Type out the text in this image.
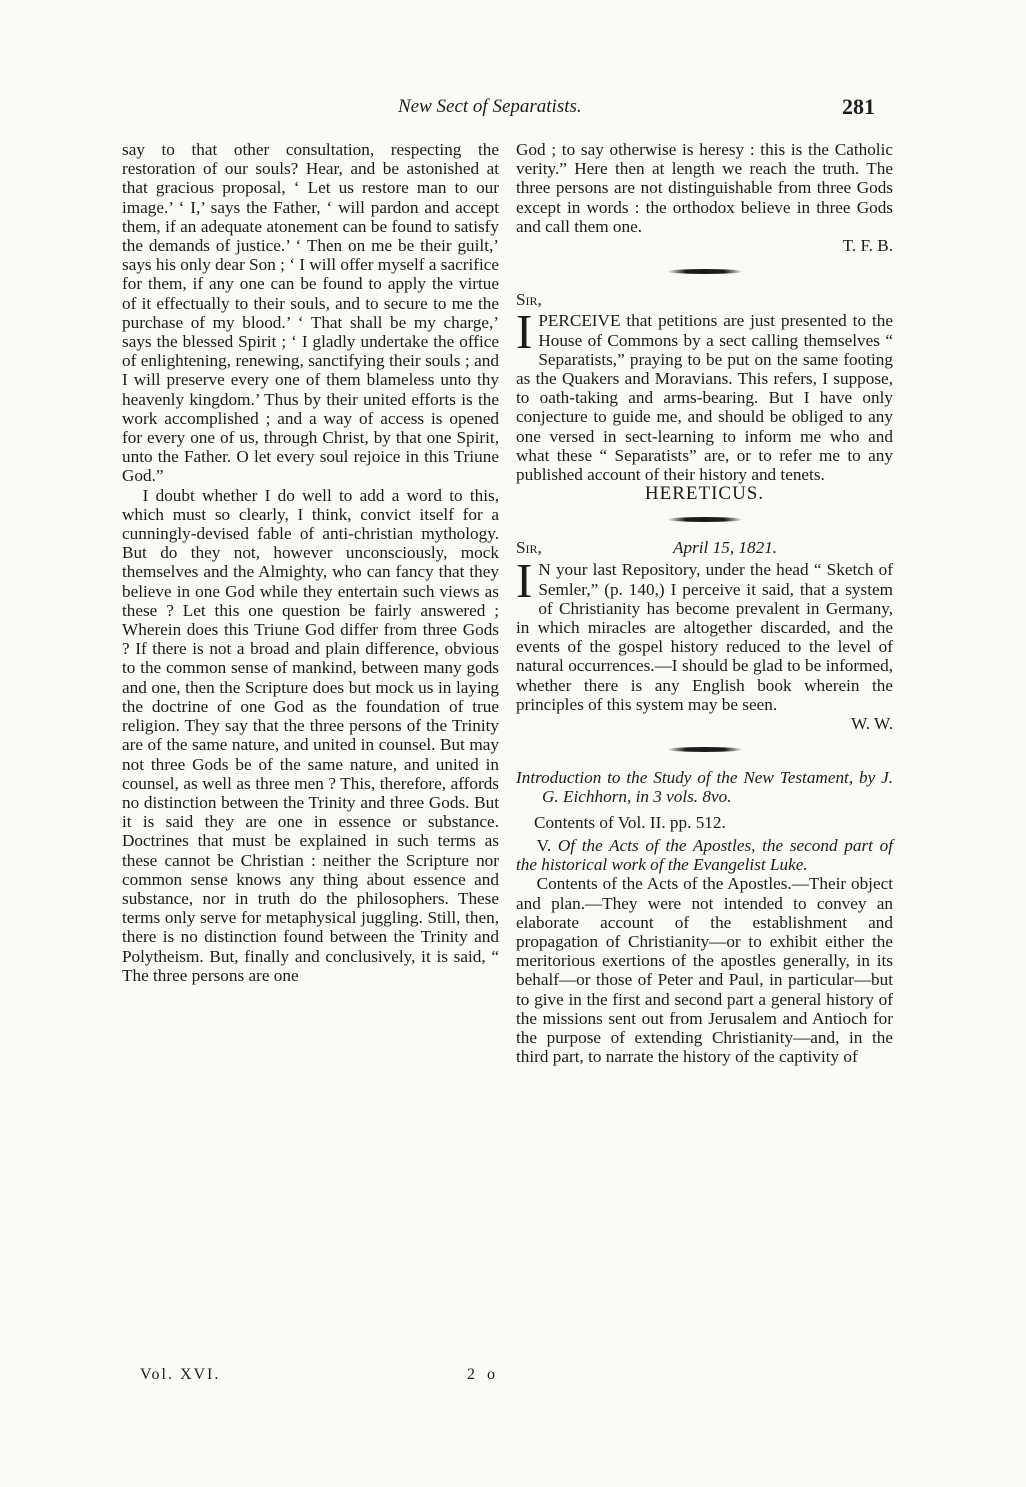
New Sect of Separatists.	281

say to that other consultation, respecting the restoration of our souls? Hear, and be astonished at that gracious proposal, ‘ Let us restore man to our image.’ ‘ I,’ says the Father, ‘ will pardon and accept them, if an adequate atonement can be found to satisfy the demands of justice.’ ‘ Then on me be their guilt,’ says his only dear Son ; ‘ I will offer myself a sacrifice for them, if any one can be found to apply the virtue of it effectually to their souls, and to secure to me the purchase of my blood.’ ‘ That shall be my charge,’ says the blessed Spirit ; ‘ I gladly undertake the office of enlightening, renewing, sanctifying their souls ; and I will preserve every one of them blameless unto thy heavenly kingdom.’ Thus by their united efforts is the work accomplished ; and a way of access is opened for every one of us, through Christ, by that one Spirit, unto the Father. O let every soul rejoice in this Triune God.”

I doubt whether I do well to add a word to this, which must so clearly, I think, convict itself for a cunningly-devised fable of anti-christian mythology. But do they not, however unconsciously, mock themselves and the Almighty, who can fancy that they believe in one God while they entertain such views as these ? Let this one question be fairly answered ; Wherein does this Triune God differ from three Gods ? If there is not a broad and plain difference, obvious to the common sense of mankind, between many gods and one, then the Scripture does but mock us in laying the doctrine of one God as the foundation of true religion. They say that the three persons of the Trinity are of the same nature, and united in counsel. But may not three Gods be of the same nature, and united in counsel, as well as three men ? This, therefore, affords no distinction between the Trinity and three Gods. But it is said they are one in essence or substance. Doctrines that must be explained in such terms as these cannot be Christian : neither the Scripture nor common sense knows any thing about essence and substance, nor in truth do the philosophers. These terms only serve for metaphysical juggling. Still, then, there is no distinction found between the Trinity and Polytheism. But, finally and conclusively, it is said, “ The three persons are one

God ; to say otherwise is heresy : this is the Catholic verity.” Here then at length we reach the truth. The three persons are not distinguishable from three Gods except in words : the orthodox believe in three Gods and call them one.

T. F. B.

Sir,

I PERCEIVE that petitions are just presented to the House of Commons by a sect calling themselves “ Separatists,” praying to be put on the same footing as the Quakers and Moravians. This refers, I suppose, to oath-taking and arms-bearing. But I have only conjecture to guide me, and should be obliged to any one versed in sect-learning to inform me who and what these “ Separatists” are, or to refer me to any published account of their history and tenets.

HERETICUS.

Sir,	April 15, 1821.
I N your last Repository, under the head “ Sketch of Semler,” (p. 140,) I perceive it said, that a system of Christianity has become prevalent in Germany, in which miracles are altogether discarded, and the events of the gospel history reduced to the level of natural occurrences.—I should be glad to be informed, whether there is any English book wherein the principles of this system may be seen.

W. W.

Introduction to the Study of the New Testament, by J. G. Eichhorn, in 3 vols. 8vo.

Contents of Vol. II. pp. 512.

V. Of the Acts of the Apostles, the second part of the historical work of the Evangelist Luke.

Contents of the Acts of the Apostles.—Their object and plan.—They were not intended to convey an elaborate account of the establishment and propagation of Christianity—or to exhibit either the meritorious exertions of the apostles generally, in its behalf—or those of Peter and Paul, in particular—but to give in the first and second part a general history of the missions sent out from Jerusalem and Antioch for the purpose of extending Christianity—and, in the third part, to narrate the history of the captivity of

Vol. XVI.	2 o
